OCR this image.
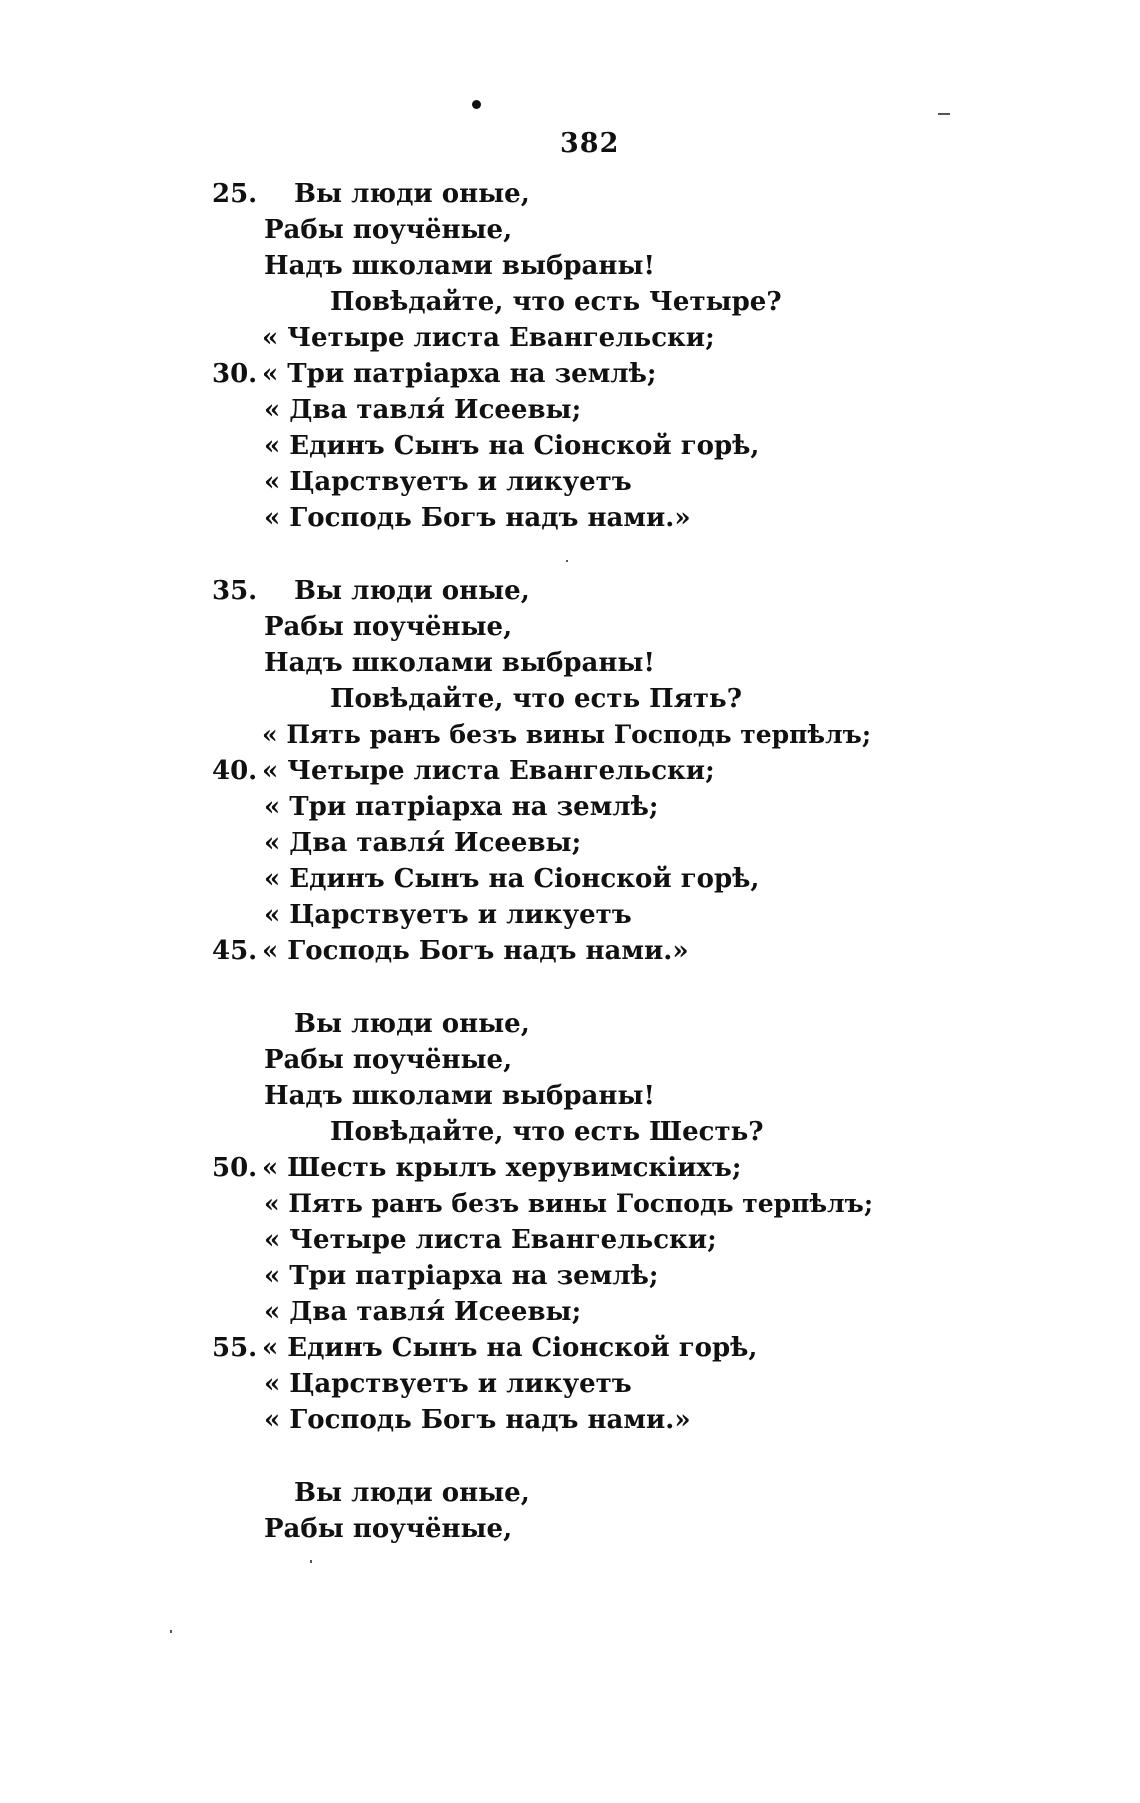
382
25. Вы люди оные,
Рабы поучёные,
Надъ школами выбраны!
Повѣдайте, что есть Четыре?
« Четыре листа Евангельски;
30. « Три патріарха на землѣ;
« Два тавля́ Исеевы;
« Единъ Сынъ на Сіонской горѣ,
« Царствуетъ и ликуетъ
« Господь Богъ надъ нами.»
35. Вы люди оные,
Рабы поучёные,
Надъ школами выбраны!
Повѣдайте, что есть Пять?
« Пять ранъ безъ вины Господь терпѣлъ;
40. « Четыре листа Евангельски;
« Три патріарха на землѣ;
« Два тавля́ Исеевы;
« Единъ Сынъ на Сіонской горѣ,
« Царствуетъ и ликуетъ
45. « Господь Богъ надъ нами.»
Вы люди оные,
Рабы поучёные,
Надъ школами выбраны!
Повѣдайте, что есть Шесть?
50. « Шесть крылъ херувимскіихъ;
« Пять ранъ безъ вины Господь терпѣлъ;
« Четыре листа Евангельски;
« Три патріарха на землѣ;
« Два тавля́ Исеевы;
55. « Единъ Сынъ на Сіонской горѣ,
« Царствуетъ и ликуетъ
« Господь Богъ надъ нами.»
Вы люди оные,
Рабы поучёные,
